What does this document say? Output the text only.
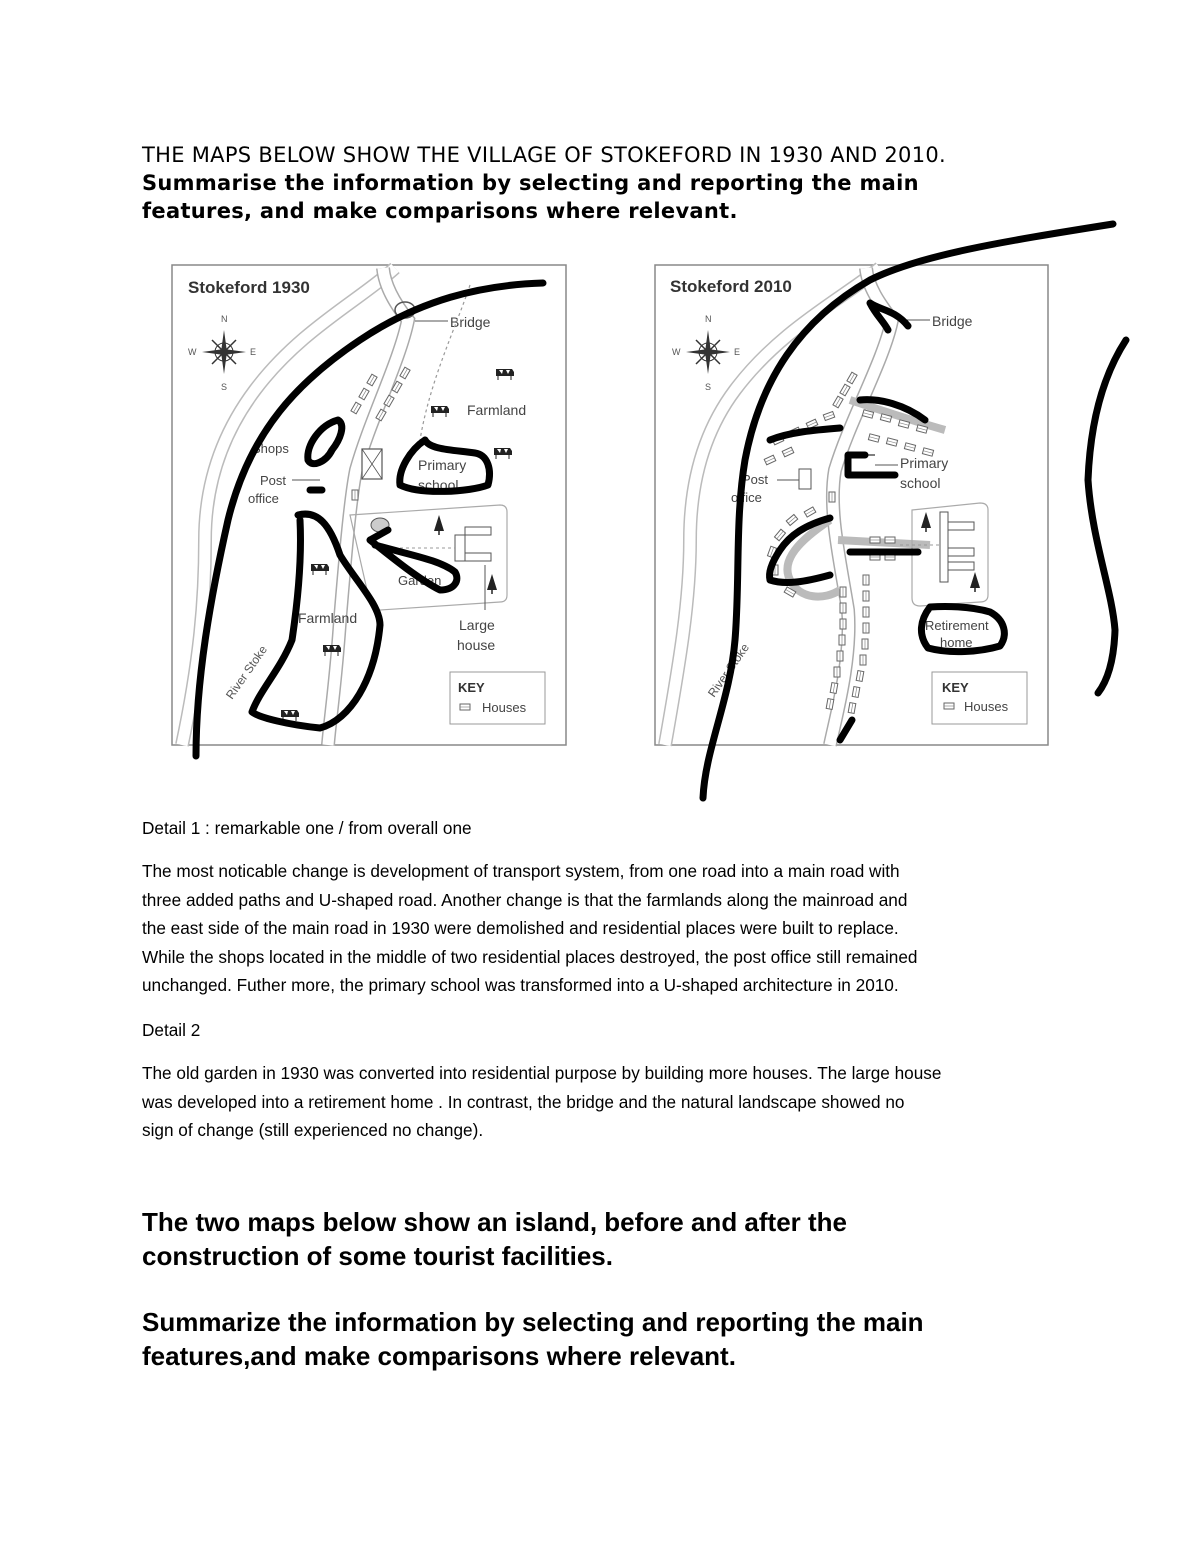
THE MAPS BELOW SHOW THE VILLAGE OF STOKEFORD IN 1930 AND 2010.
Summarise the information by selecting and reporting the main
features, and make comparisons where relevant.
Stokeford 1930
N
S
E
W
River Stoke
Bridge
Farmland
Shops
Post
office
Primary
school
Garden
Large
house
Farmland
KEY
Houses
Stokeford 2010
N
S
E
W
River Stoke
Bridge
Post
office
Primary
school
Retirement
home
KEY
Houses
Detail 1 : remarkable one / from overall one
The most noticable change is development of transport system, from one road into a main road with
three added paths and U-shaped road. Another change is that the farmlands along the mainroad and
the east side of the main road in 1930 were demolished and residential places were built to replace.
While the shops located in the middle of two residential places destroyed, the post office still remained
unchanged. Futher more, the primary school was transformed into a U-shaped architecture in 2010.
Detail 2
The old garden in 1930 was converted into residential purpose by building more houses. The large house
was developed into a retirement home . In contrast, the bridge and the natural landscape showed no
sign of change (still experienced no change).
The two maps below show an island, before and after the
construction of some tourist facilities.
Summarize the information by selecting and reporting the main
features,and make comparisons where relevant.
